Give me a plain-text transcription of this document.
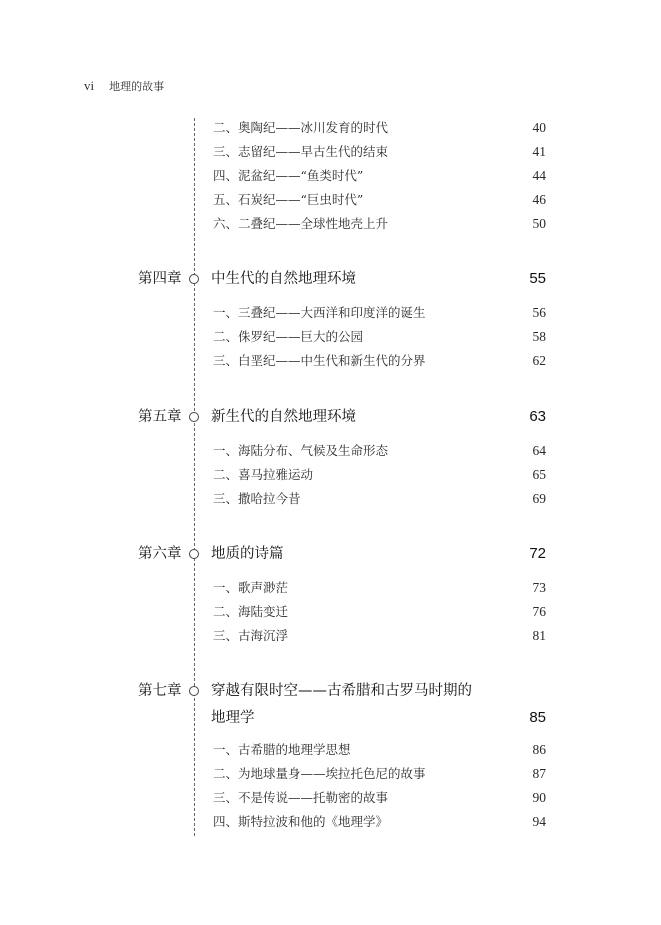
vi 地理的故事
二、奥陶纪——冰川发育的时代	40
三、志留纪——早古生代的结束	41
四、泥盆纪——“鱼类时代”	44
五、石炭纪——“巨虫时代”	46
六、二叠纪——全球性地壳上升	50
第四章 中生代的自然地理环境	55
一、三叠纪——大西洋和印度洋的诞生	56
二、侏罗纪——巨大的公园	58
三、白垩纪——中生代和新生代的分界	62
第五章 新生代的自然地理环境	63
一、海陆分布、气候及生命形态	64
二、喜马拉雅运动	65
三、撒哈拉今昔	69
第六章 地质的诗篇	72
一、歌声渺茫	73
二、海陆变迁	76
三、古海沉浮	81
第七章 穿越有限时空——古希腊和古罗马时期的
地理学	85
一、古希腊的地理学思想	86
二、为地球量身——埃拉托色尼的故事	87
三、不是传说——托勒密的故事	90
四、斯特拉波和他的《地理学》	94
